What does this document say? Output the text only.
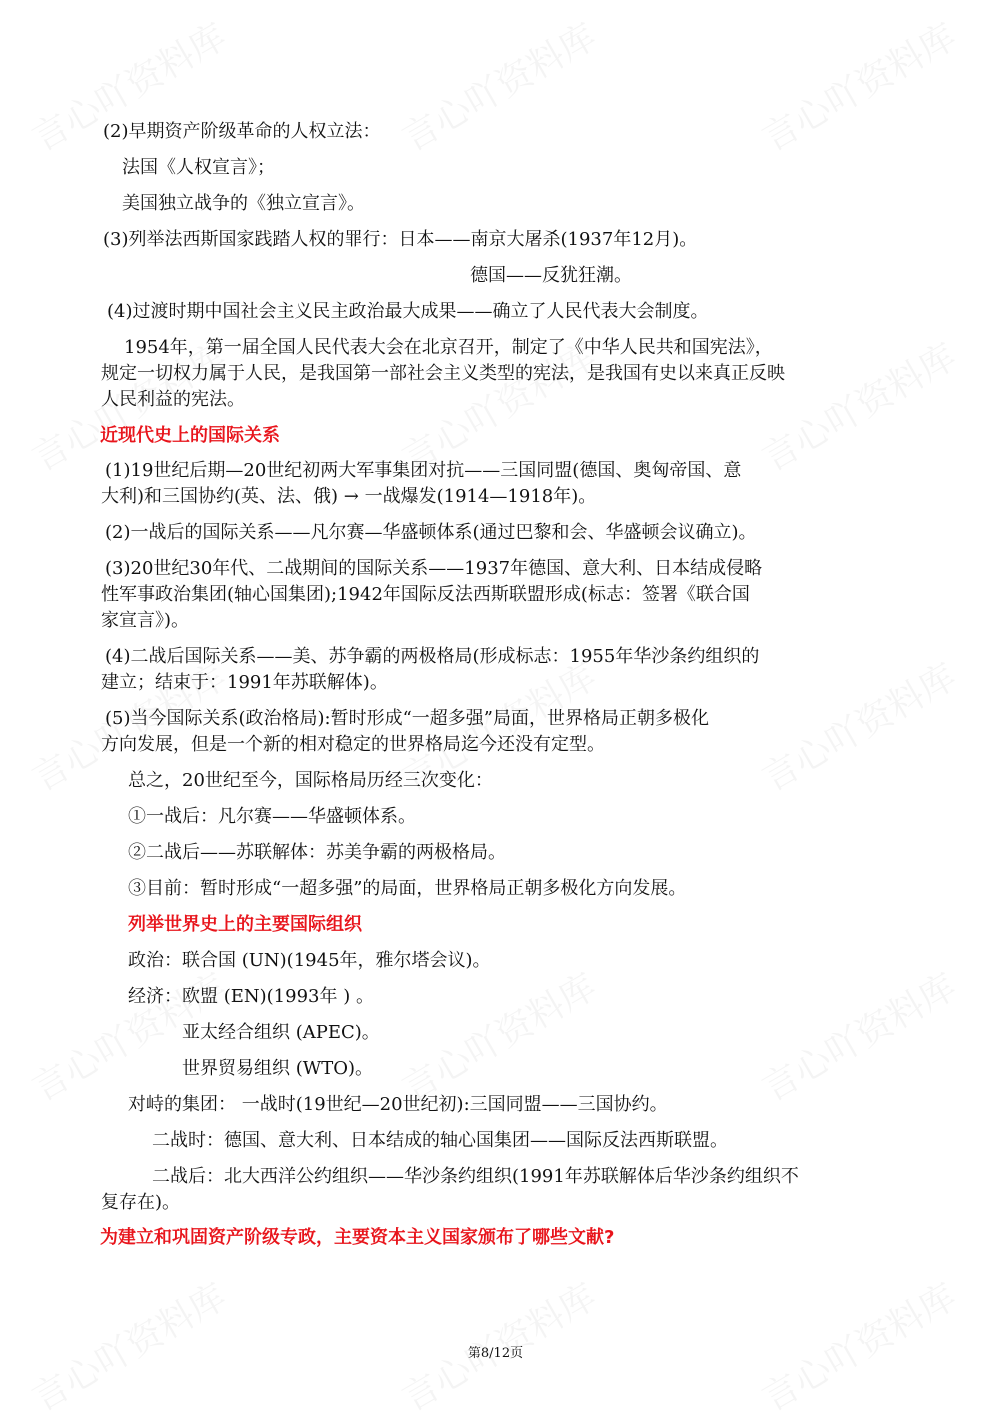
(2)早期资产阶级革命的人权立法：
法国《人权宣言》；
美国独立战争的《独立宣言》。
(3)列举法西斯国家践踏人权的罪行：日本——南京大屠杀(1937年12月)。
德国——反犹狂潮。
(4)过渡时期中国社会主义民主政治最大成果——确立了人民代表大会制度。
1954年，第一届全国人民代表大会在北京召开，制定了《中华人民共和国宪法》，
规定一切权力属于人民，是我国第一部社会主义类型的宪法，是我国有史以来真正反映
人民利益的宪法。
近现代史上的国际关系
(1)19世纪后期—20世纪初两大军事集团对抗——三国同盟(德国、奥匈帝国、意
大利)和三国协约(英、法、俄) → 一战爆发(1914—1918年)。
(2)一战后的国际关系——凡尔赛—华盛顿体系(通过巴黎和会、华盛顿会议确立)。
(3)20世纪30年代、二战期间的国际关系——1937年德国、意大利、日本结成侵略
性军事政治集团(轴心国集团);1942年国际反法西斯联盟形成(标志：签署《联合国
家宣言》)。
(4)二战后国际关系——美、苏争霸的两极格局(形成标志：1955年华沙条约组织的
建立；结束于：1991年苏联解体)。
(5)当今国际关系(政治格局):暂时形成“一超多强”局面，世界格局正朝多极化
方向发展，但是一个新的相对稳定的世界格局迄今还没有定型。
总之，20世纪至今，国际格局历经三次变化：
①一战后：凡尔赛——华盛顿体系。
②二战后——苏联解体：苏美争霸的两极格局。
③目前：暂时形成“一超多强”的局面，世界格局正朝多极化方向发展。
列举世界史上的主要国际组织
政治：联合国 (UN)(1945年，雅尔塔会议)。
经济：欧盟 (EN)(1993年 ) 。
亚太经合组织 (APEC)。
世界贸易组织 (WTO)。
对峙的集团： 一战时(19世纪—20世纪初):三国同盟——三国协约。
二战时：德国、意大利、日本结成的轴心国集团——国际反法西斯联盟。
二战后：北大西洋公约组织——华沙条约组织(1991年苏联解体后华沙条约组织不
复存在)。
为建立和巩固资产阶级专政，主要资本主义国家颁布了哪些文献?
第8/12页
